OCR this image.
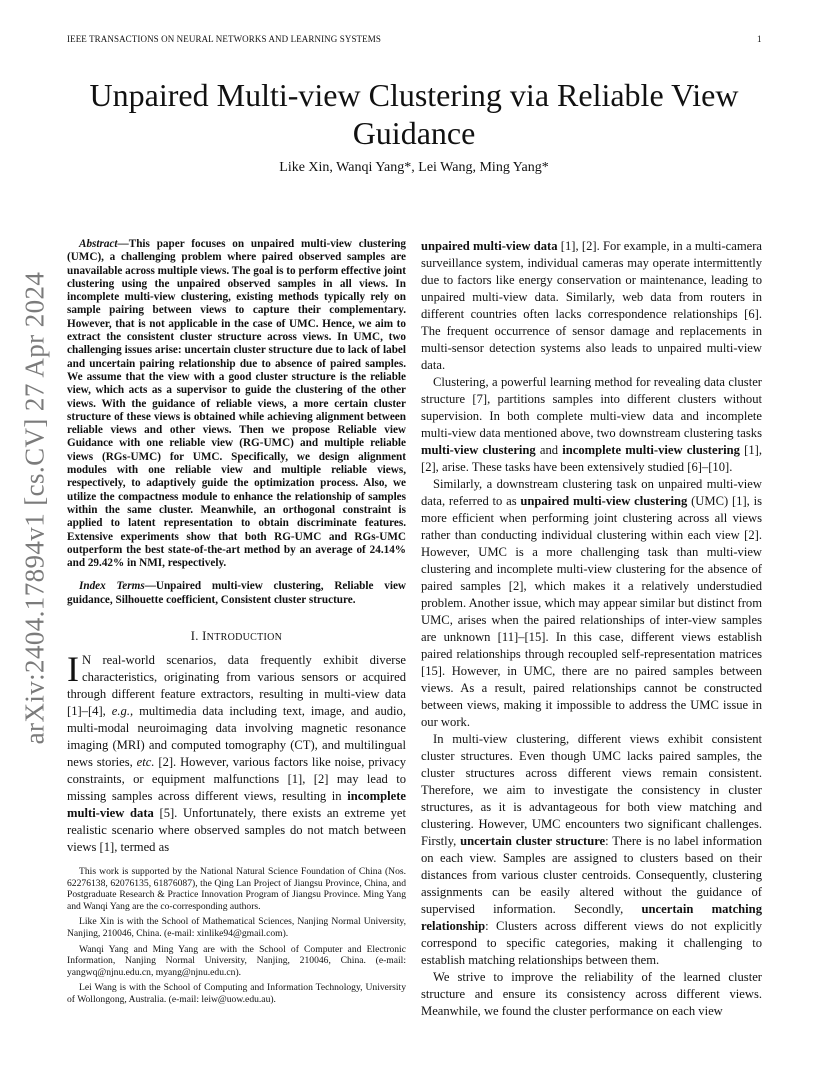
IEEE TRANSACTIONS ON NEURAL NETWORKS AND LEARNING SYSTEMS	1
arXiv:2404.17894v1 [cs.CV] 27 Apr 2024
Unpaired Multi-view Clustering via Reliable View Guidance
Like Xin, Wanqi Yang*, Lei Wang, Ming Yang*

Abstract—This paper focuses on unpaired multi-view clustering (UMC), a challenging problem where paired observed samples are unavailable across multiple views. The goal is to perform effective joint clustering using the unpaired observed samples in all views. In incomplete multi-view clustering, existing methods typically rely on sample pairing between views to capture their complementary. However, that is not applicable in the case of UMC. Hence, we aim to extract the consistent cluster structure across views. In UMC, two challenging issues arise: uncertain cluster structure due to lack of label and uncertain pairing relationship due to absence of paired samples. We assume that the view with a good cluster structure is the reliable view, which acts as a supervisor to guide the clustering of the other views. With the guidance of reliable views, a more certain cluster structure of these views is obtained while achieving alignment between reliable views and other views. Then we propose Reliable view Guidance with one reliable view (RG-UMC) and multiple reliable views (RGs-UMC) for UMC. Specifically, we design alignment modules with one reliable view and multiple reliable views, respectively, to adaptively guide the optimization process. Also, we utilize the compactness module to enhance the relationship of samples within the same cluster. Meanwhile, an orthogonal constraint is applied to latent representation to obtain discriminate features. Extensive experiments show that both RG-UMC and RGs-UMC outperform the best state-of-the-art method by an average of 24.14% and 29.42% in NMI, respectively.

Index Terms—Unpaired multi-view clustering, Reliable view guidance, Silhouette coefficient, Consistent cluster structure.

I. INTRODUCTION

I N real-world scenarios, data frequently exhibit diverse characteristics, originating from various sensors or acquired through different feature extractors, resulting in multi-view data [1]–[4], e.g., multimedia data including text, image, and audio, multi-modal neuroimaging data involving magnetic resonance imaging (MRI) and computed tomography (CT), and multilingual news stories, etc. [2]. However, various factors like noise, privacy constraints, or equipment malfunctions [1], [2] may lead to missing samples across different views, resulting in incomplete multi-view data [5]. Unfortunately, there exists an extreme yet realistic scenario where observed samples do not match between views [1], termed as

This work is supported by the National Natural Science Foundation of China (Nos. 62276138, 62076135, 61876087), the Qing Lan Project of Jiangsu Province, China, and Postgraduate Research & Practice Innovation Program of Jiangsu Province. Ming Yang and Wanqi Yang are the co-corresponding authors.

Like Xin is with the School of Mathematical Sciences, Nanjing Normal University, Nanjing, 210046, China. (e-mail: xinlike94@gmail.com).

Wanqi Yang and Ming Yang are with the School of Computer and Electronic Information, Nanjing Normal University, Nanjing, 210046, China. (e-mail: yangwq@njnu.edu.cn, myang@njnu.edu.cn).

Lei Wang is with the School of Computing and Information Technology, University of Wollongong, Australia. (e-mail: leiw@uow.edu.au).

unpaired multi-view data [1], [2]. For example, in a multi-camera surveillance system, individual cameras may operate intermittently due to factors like energy conservation or maintenance, leading to unpaired multi-view data. Similarly, web data from routers in different countries often lacks correspondence relationships [6]. The frequent occurrence of sensor damage and replacements in multi-sensor detection systems also leads to unpaired multi-view data.

Clustering, a powerful learning method for revealing data cluster structure [7], partitions samples into different clusters without supervision. In both complete multi-view data and incomplete multi-view data mentioned above, two downstream clustering tasks multi-view clustering and incomplete multi-view clustering [1], [2], arise. These tasks have been extensively studied [6]–[10].

Similarly, a downstream clustering task on unpaired multi-view data, referred to as unpaired multi-view clustering (UMC) [1], is more efficient when performing joint clustering across all views rather than conducting individual clustering within each view [2]. However, UMC is a more challenging task than multi-view clustering and incomplete multi-view clustering for the absence of paired samples [2], which makes it a relatively understudied problem. Another issue, which may appear similar but distinct from UMC, arises when the paired relationships of inter-view samples are unknown [11]–[15]. In this case, different views establish paired relationships through recoupled self-representation matrices [15]. However, in UMC, there are no paired samples between views. As a result, paired relationships cannot be constructed between views, making it impossible to address the UMC issue in our work.

In multi-view clustering, different views exhibit consistent cluster structures. Even though UMC lacks paired samples, the cluster structures across different views remain consistent. Therefore, we aim to investigate the consistency in cluster structures, as it is advantageous for both view matching and clustering. However, UMC encounters two significant challenges. Firstly, uncertain cluster structure: There is no label information on each view. Samples are assigned to clusters based on their distances from various cluster centroids. Consequently, clustering assignments can be easily altered without the guidance of supervised information. Secondly, uncertain matching relationship: Clusters across different views do not explicitly correspond to specific categories, making it challenging to establish matching relationships between them.

We strive to improve the reliability of the learned cluster structure and ensure its consistency across different views. Meanwhile, we found the cluster performance on each view
